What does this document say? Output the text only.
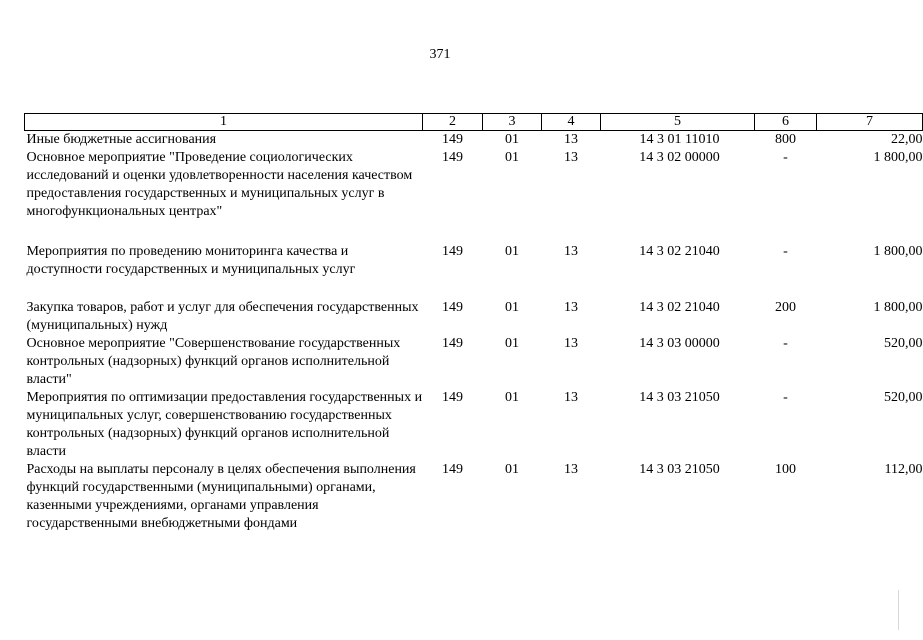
371
1	2	3	4	5	6	7
Иные бюджетные ассигнования	149	01	13	14 3 01 11010	800	22,00
Основное мероприятие "Проведение социологических исследований и оценки удовлетворенности населения качеством предоставления государственных и муниципальных услуг в многофункциональных центрах"	149	01	13	14 3 02 00000	-	1 800,00

Мероприятия по проведению мониторинга качества и доступности государственных и муниципальных услуг	149	01	13	14 3 02 21040	-	1 800,00

Закупка товаров, работ и услуг для обеспечения государственных (муниципальных) нужд	149	01	13	14 3 02 21040	200	1 800,00
Основное мероприятие "Совершенствование государственных контрольных (надзорных) функций органов исполнительной власти"	149	01	13	14 3 03 00000	-	520,00
Мероприятия по оптимизации предоставления государственных и муниципальных услуг, совершенствованию государственных контрольных (надзорных) функций органов исполнительной власти	149	01	13	14 3 03 21050	-	520,00
Расходы на выплаты персоналу в целях обеспечения выполнения функций государственными (муниципальными) органами, казенными учреждениями, органами управления государственными внебюджетными фондами	149	01	13	14 3 03 21050	100	112,00
